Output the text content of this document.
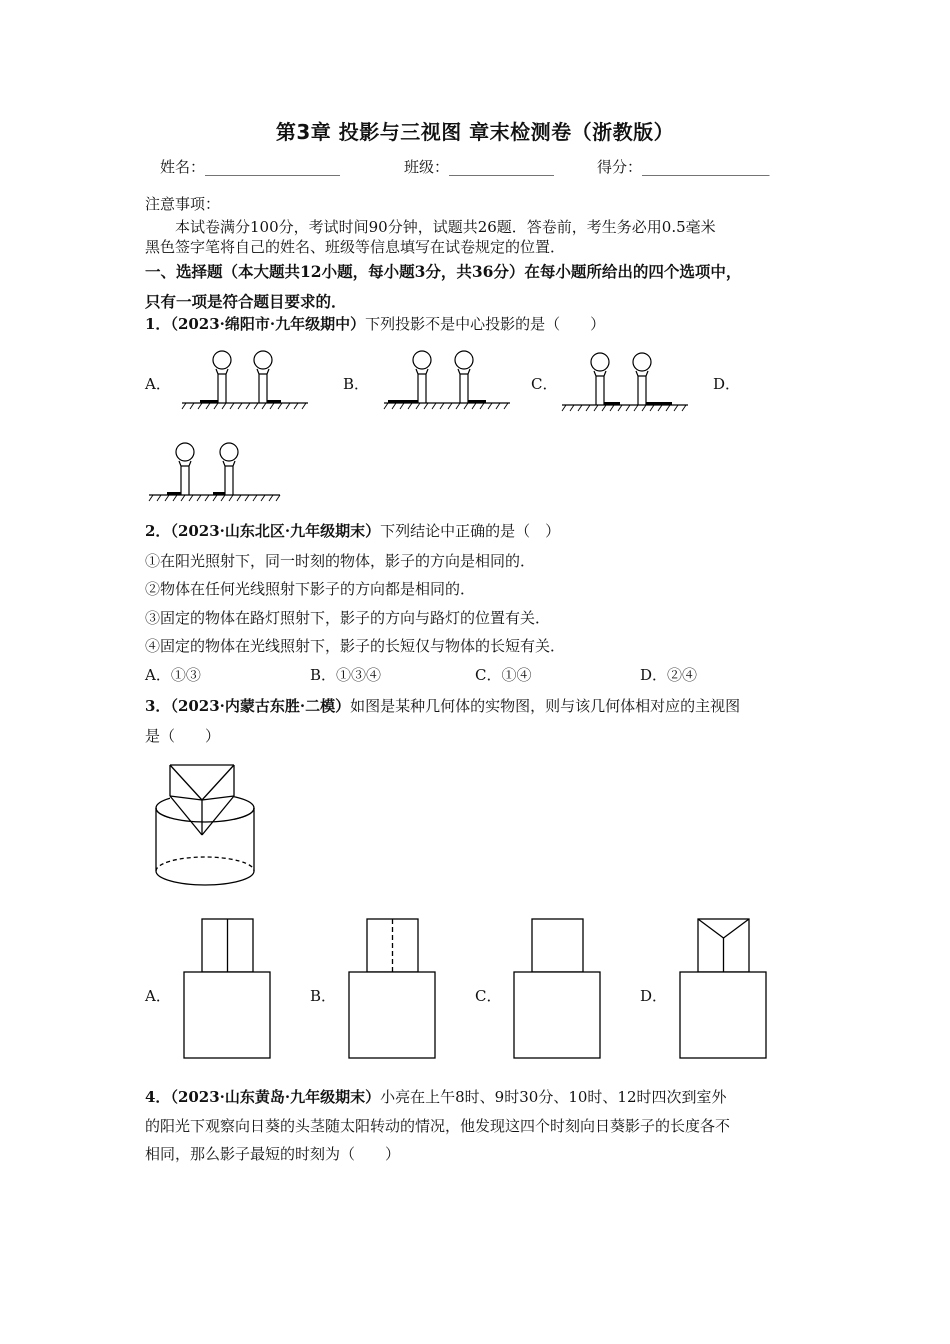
第3章 投影与三视图 章末检测卷（浙教版）
姓名：__________________	班级：______________	得分：_________________
注意事项：
本试卷满分100分，考试时间90分钟，试题共26题．答卷前，考生务必用0.5毫米
黑色签字笔将自己的姓名、班级等信息填写在试卷规定的位置．
一、选择题（本大题共12小题，每小题3分，共36分）在每小题所给出的四个选项中，
只有一项是符合题目要求的．
1．（2023·绵阳市·九年级期中）下列投影不是中心投影的是（　　）
A．	B．	C．	D．
2．（2023·山东北区·九年级期末）下列结论中正确的是（　）
①在阳光照射下，同一时刻的物体，影子的方向是相同的．
②物体在任何光线照射下影子的方向都是相同的．
③固定的物体在路灯照射下，影子的方向与路灯的位置有关．
④固定的物体在光线照射下，影子的长短仅与物体的长短有关．
A．①③	B．①③④	C．①④	D．②④
3．（2023·内蒙古东胜·二模）如图是某种几何体的实物图，则与该几何体相对应的主视图
是（　　）
A．	B．	C．	D．
4．（2023·山东黄岛·九年级期末）小亮在上午8时、9时30分、10时、12时四次到室外
的阳光下观察向日葵的头茎随太阳转动的情况，他发现这四个时刻向日葵影子的长度各不
相同，那么影子最短的时刻为（　　）
